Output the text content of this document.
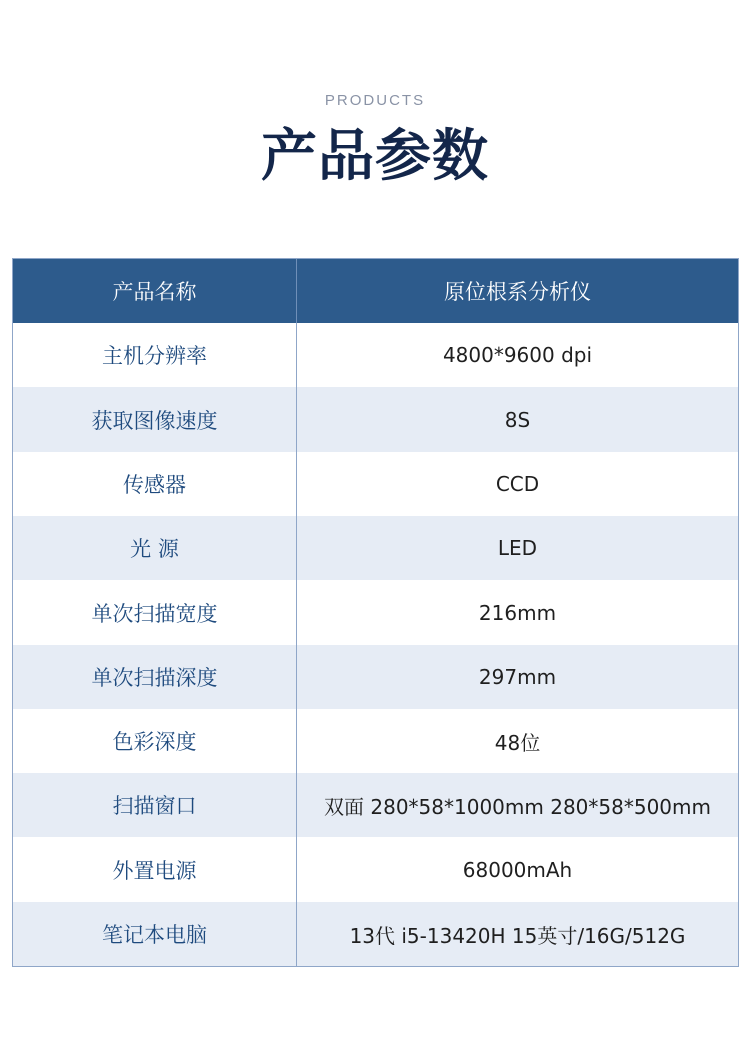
PRODUCTS
产品参数
产品名称	原位根系分析仪
主机分辨率	4800*9600 dpi
获取图像速度	8S
传感器	CCD
光 源	LED
单次扫描宽度	216mm
单次扫描深度	297mm
色彩深度	48位
扫描窗口	双面 280*58*1000mm 280*58*500mm
外置电源	68000mAh
笔记本电脑	13代 i5-13420H 15英寸/16G/512G
